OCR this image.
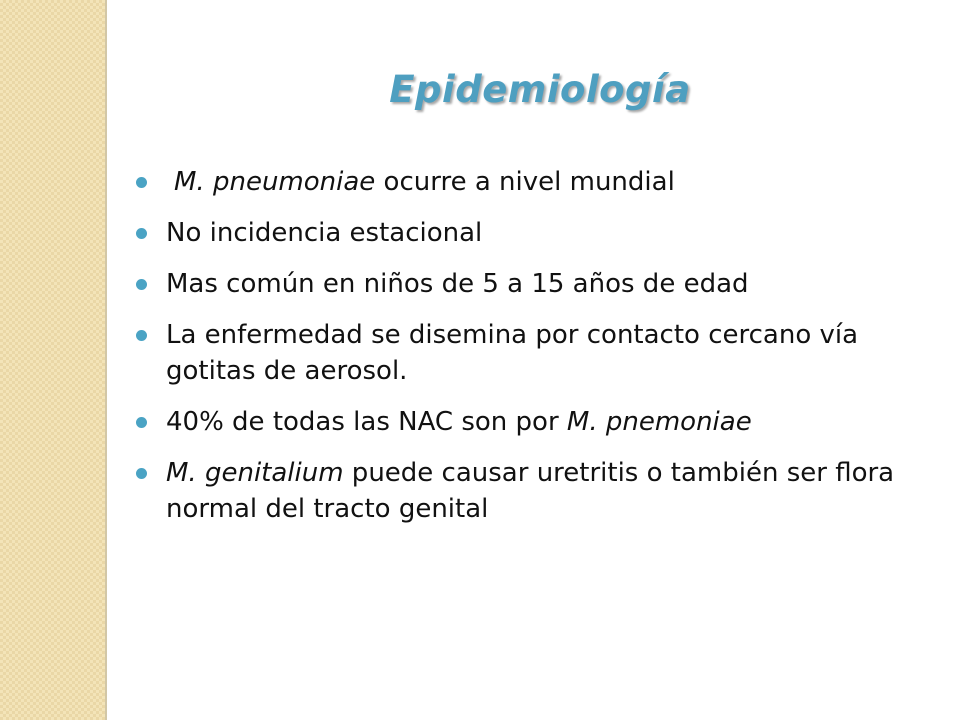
Epidemiología
M. pneumoniae ocurre a nivel mundial
No incidencia estacional
Mas común en niños de 5 a 15 años de edad
La enfermedad se disemina por contacto cercano vía gotitas de aerosol.
40% de todas las NAC son por M. pnemoniae
M. genitalium puede causar uretritis o también ser flora normal del tracto genital
